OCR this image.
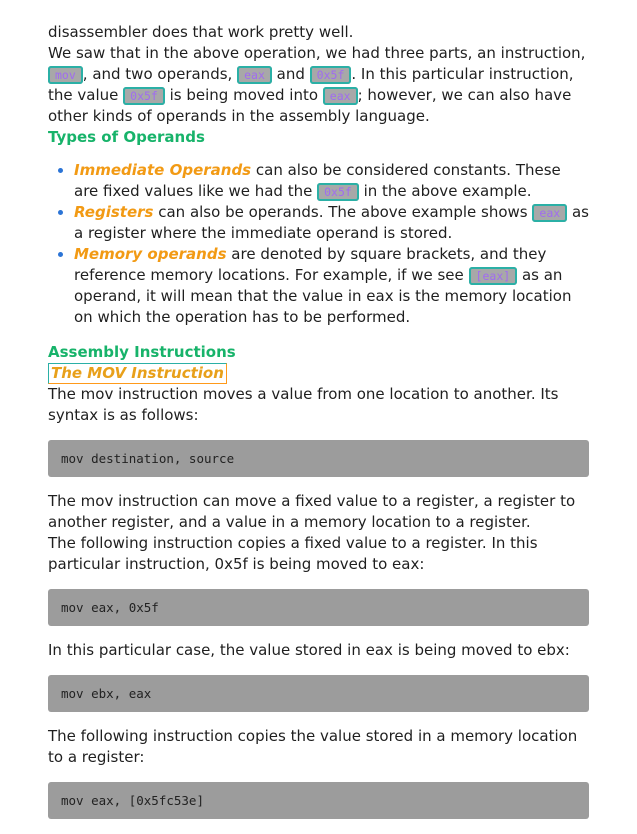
disassembler does that work pretty well.

We saw that in the above operation, we had three parts, an instruction, mov , and two operands, eax and 0x5f . In this particular instruction, the value 0x5f is being moved into eax ; however, we can also have other kinds of operands in the assembly language.

Types of Operands

• Immediate Operands can also be considered constants. These are fixed values like we had the 0x5f in the above example.
• Registers can also be operands. The above example shows eax as a register where the immediate operand is stored.
• Memory operands are denoted by square brackets, and they reference memory locations. For example, if we see [eax] as an operand, it will mean that the value in eax is the memory location on which the operation has to be performed.

Assembly Instructions

The MOV Instruction

The mov instruction moves a value from one location to another. Its syntax is as follows:

mov destination, source

The mov instruction can move a fixed value to a register, a register to another register, and a value in a memory location to a register.

The following instruction copies a fixed value to a register. In this particular instruction, 0x5f is being moved to eax:

mov eax, 0x5f

In this particular case, the value stored in eax is being moved to ebx:

mov ebx, eax

The following instruction copies the value stored in a memory location to a register:

mov eax, [0x5fc53e]
